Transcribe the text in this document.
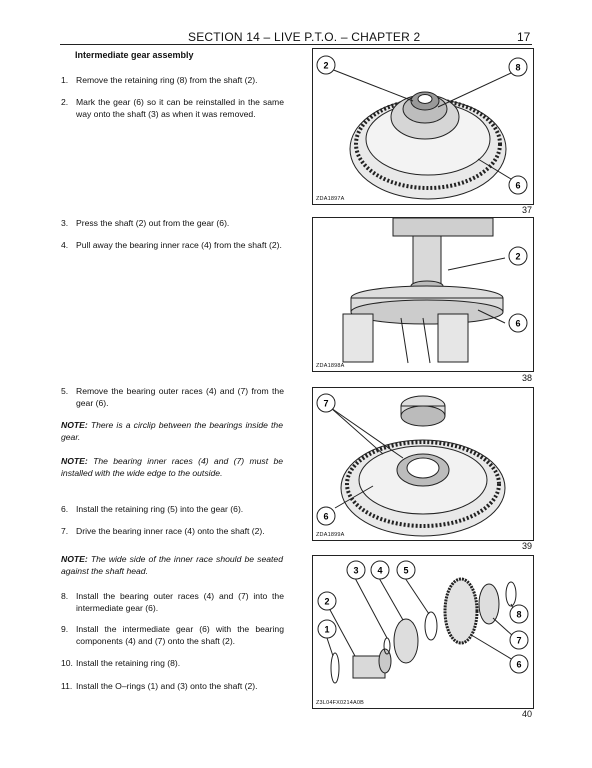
SECTION 14 – LIVE P.T.O. – CHAPTER 2	17
Intermediate gear assembly
1. Remove the retaining ring (8) from the shaft (2).
2. Mark the gear (6) so it can be reinstalled in the same way onto the shaft (3) as when it was removed.
3. Press the shaft (2) out from the gear (6).
4. Pull away the bearing inner race (4) from the shaft (2).
5. Remove the bearing outer races (4) and (7) from the gear (6).
NOTE: There is a circlip between the bearings inside the gear.
NOTE: The bearing inner races (4) and (7) must be installed with the wide edge to the outside.
6. Install the retaining ring (5) into the gear (6).
7. Drive the bearing inner race (4) onto the shaft (2).
NOTE: The wide side of the inner race should be seated against the shaft head.
8. Install the bearing outer races (4) and (7) into the intermediate gear (6).
9. Install the intermediate gear (6) with the bearing components (4) and (7) onto the shaft (2).
10. Install the retaining ring (8).
11. Install the O–rings (1) and (3) onto the shaft (2).
2	8
6
ZDA1897A
37
2
6
ZDA1898A
38
7
6
ZDA1899A
39
3 4 5
2
1
8
7
6
Z3L04FX0214A0B
40
